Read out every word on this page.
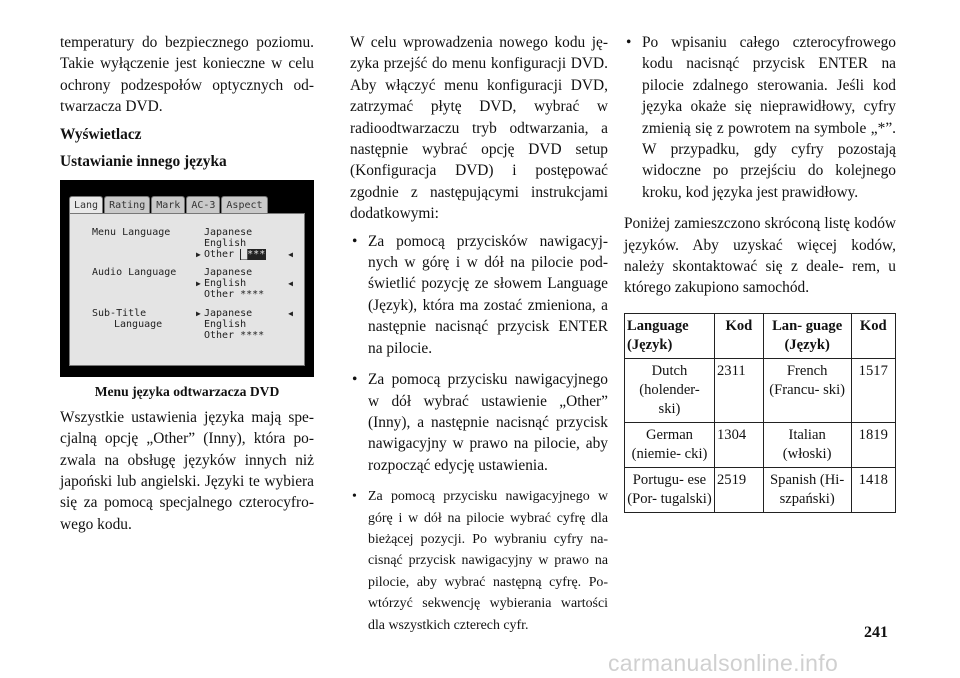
temperatury do bezpiecznego poziomu. Takie wyłączenie jest konieczne w celu ochrony podzespołów optycznych od- twarzacza DVD.

Wyświetlacz

Ustawianie innego języka

Lang	Rating	Mark	AC-3	Aspect
Menu Language	Japanese
English
▶ Other █***	◀
Audio Language	Japanese
▶ English	◀
Other ****
Sub-Title	▶ Japanese	◀
Language	English
Other ****
Menu języka odtwarzacza DVD

Wszystkie ustawienia języka mają spe- cjalną opcję „Other” (Inny), która po- zwala na obsługę języków innych niż japoński lub angielski. Języki te wybiera się za pomocą specjalnego czterocyfro- wego kodu.

W celu wprowadzenia nowego kodu ję- zyka przejść do menu konfiguracji DVD. Aby włączyć menu konfiguracji DVD, zatrzymać płytę DVD, wybrać w radioodtwarzaczu tryb odtwarzania, a następnie wybrać opcję DVD setup (Konfiguracja DVD) i postępować zgodnie z następującymi instrukcjami dodatkowymi:

• Za pomocą przycisków nawigacyj- nych w górę i w dół na pilocie pod- świetlić pozycję ze słowem Language (Język), która ma zostać zmieniona, a następnie nacisnąć przycisk ENTER na pilocie.
• Za pomocą przycisku nawigacyjnego w dół wybrać ustawienie „Other” (Inny), a następnie nacisnąć przycisk nawigacyjny w prawo na pilocie, aby rozpocząć edycję ustawienia.
• Za pomocą przycisku nawigacyjnego w górę i w dół na pilocie wybrać cyfrę dla bieżącej pozycji. Po wybraniu cyfry na- cisnąć przycisk nawigacyjny w prawo na pilocie, aby wybrać następną cyfrę. Po- wtórzyć sekwencję wybierania wartości dla wszystkich czterech cyfr.
• Po wpisaniu całego czterocyfrowego kodu nacisnąć przycisk ENTER na pilocie zdalnego sterowania. Jeśli kod języka okaże się nieprawidłowy, cyfry zmienią się z powrotem na symbole „*”. W przypadku, gdy cyfry pozostają widoczne po przejściu do kolejnego kroku, kod języka jest prawidłowy.

Poniżej zamieszczono skróconą listę kodów języków. Aby uzyskać więcej kodów, należy skontaktować się z deale- rem, u którego zakupiono samochód.

Language (Język)	Kod	Lan- guage (Język)	Kod
Dutch (holender- ski)	2311	French (Francu- ski)	1517
German (niemie- cki)	1304	Italian (włoski)	1819
Portugu- ese (Por- tugalski)	2519	Spanish (Hi- szpański)	1418
241
carmanualsonline.info
